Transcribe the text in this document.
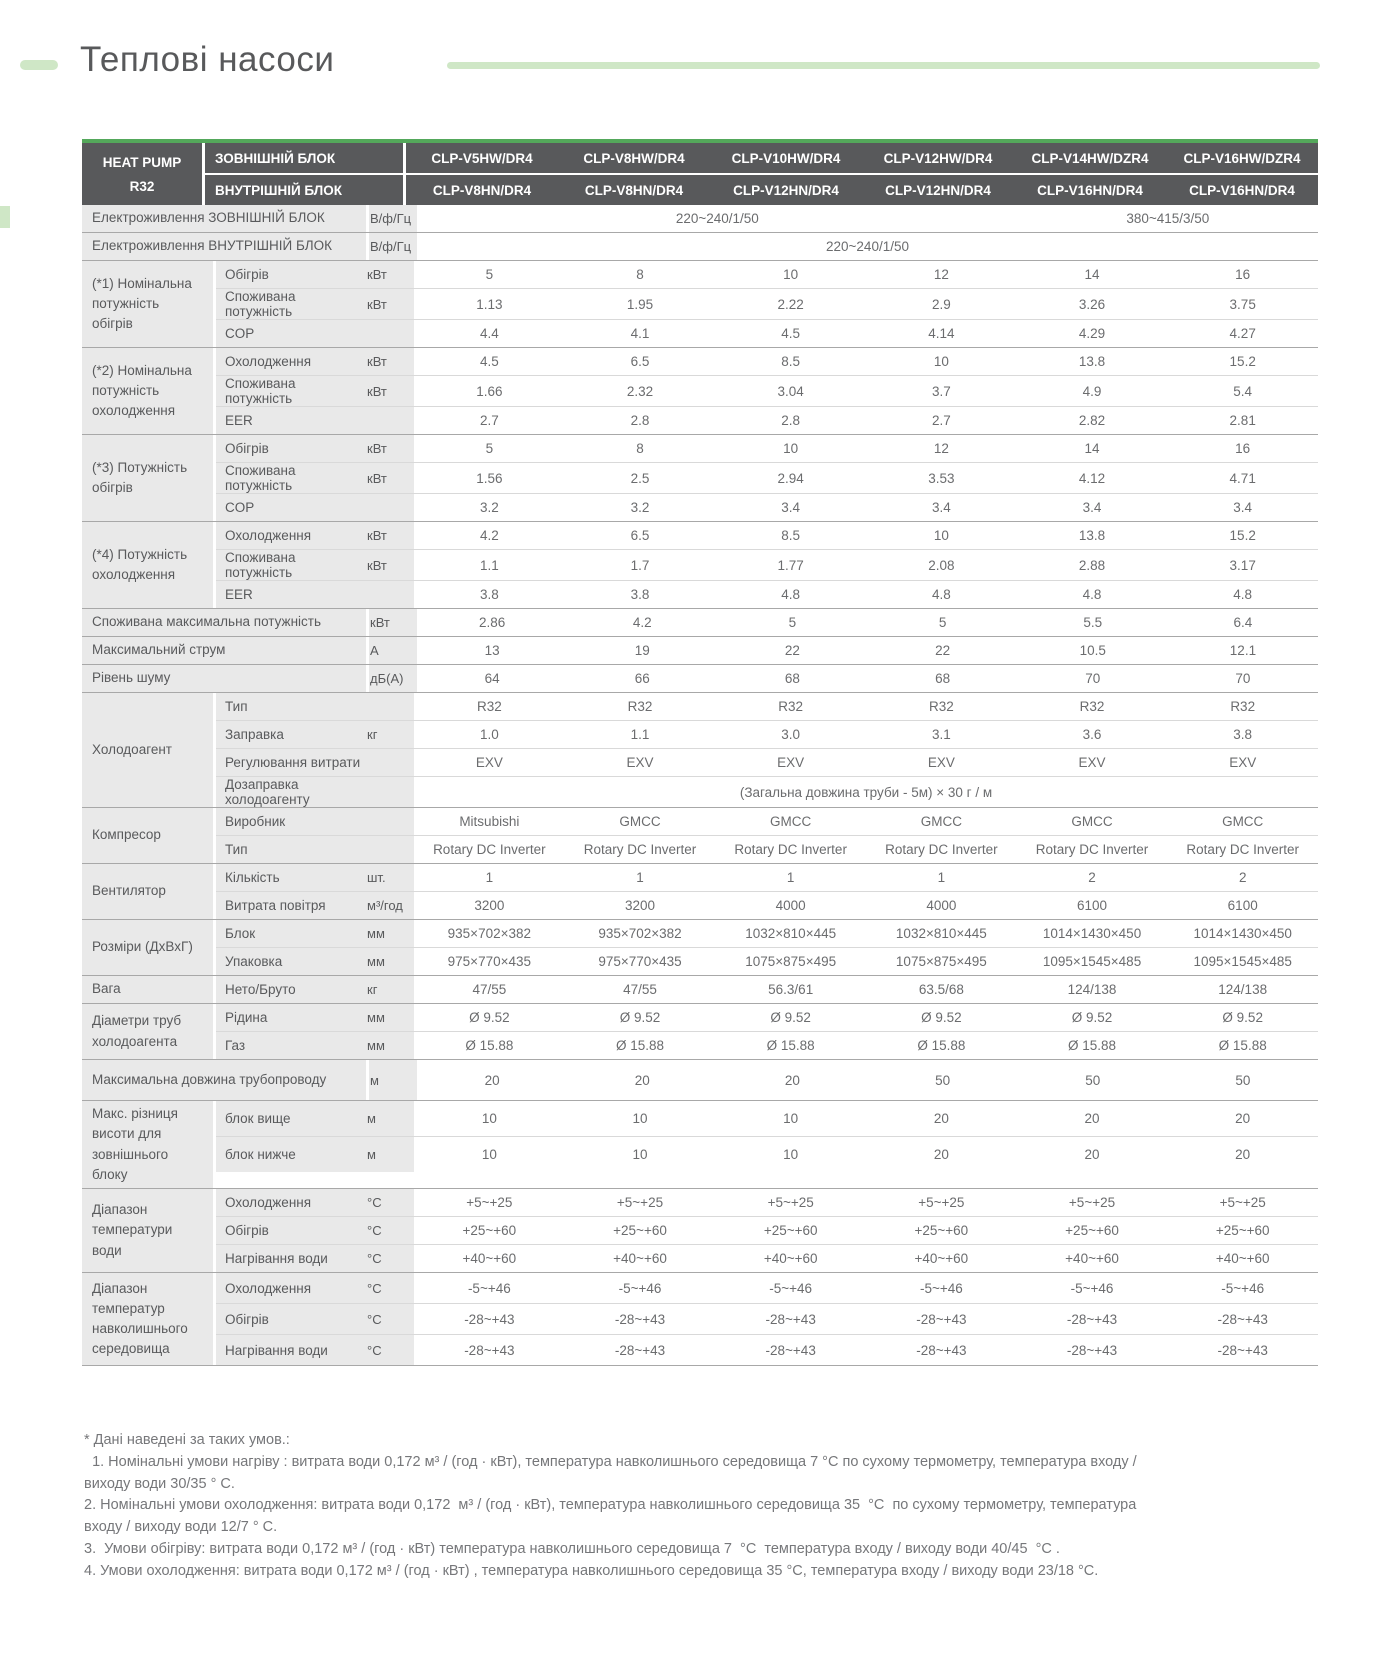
Теплові насоси
HEAT PUMP
R32
ЗОВНІШНІЙ БЛОК	CLP-V5HW/DR4	CLP-V8HW/DR4	CLP-V10HW/DR4	CLP-V12HW/DR4	CLP-V14HW/DZR4	CLP-V16HW/DZR4
ВНУТРІШНІЙ БЛОК	CLP-V8HN/DR4	CLP-V8HN/DR4	CLP-V12HN/DR4	CLP-V12HN/DR4	CLP-V16HN/DR4	CLP-V16HN/DR4
Електроживлення ЗОВНІШНІЙ БЛОК	В/ф/Гц	220~240/1/50	380~415/3/50
Електроживлення ВНУТРІШНІЙ БЛОК	В/ф/Гц	220~240/1/50
(*1) Номінальна потужність обігрів
Обігрів	кВт	5	8	10	12	14	16
Споживана потужність	кВт	1.13	1.95	2.22	2.9	3.26	3.75
COP	4.4	4.1	4.5	4.14	4.29	4.27
(*2) Номінальна потужність охолодження
Охолодження	кВт	4.5	6.5	8.5	10	13.8	15.2
Споживана потужність	кВт	1.66	2.32	3.04	3.7	4.9	5.4
EER	2.7	2.8	2.8	2.7	2.82	2.81
(*3) Потужність обігрів
Обігрів	кВт	5	8	10	12	14	16
Споживана потужність	кВт	1.56	2.5	2.94	3.53	4.12	4.71
COP	3.2	3.2	3.4	3.4	3.4	3.4
(*4) Потужність охолодження
Охолодження	кВт	4.2	6.5	8.5	10	13.8	15.2
Споживана потужність	кВт	1.1	1.7	1.77	2.08	2.88	3.17
EER	3.8	3.8	4.8	4.8	4.8	4.8
Споживана максимальна потужність	кВт	2.86	4.2	5	5	5.5	6.4
Максимальний струм	А	13	19	22	22	10.5	12.1
Рівень шуму	дБ(А)	64	66	68	68	70	70
Холодоагент
Тип	R32	R32	R32	R32	R32	R32
Заправка	кг	1.0	1.1	3.0	3.1	3.6	3.8
Регулювання витрати	EXV	EXV	EXV	EXV	EXV	EXV
Дозаправка холодоагенту	(Загальна довжина труби - 5м) × 30 г / м
Компресор
Виробник	Mitsubishi	GMCC	GMCC	GMCC	GMCC	GMCC
Тип	Rotary DC Inverter	Rotary DC Inverter	Rotary DC Inverter	Rotary DC Inverter	Rotary DC Inverter	Rotary DC Inverter
Вентилятор
Кількість	шт.	1	1	1	1	2	2
Витрата повітря	м³/год	3200	3200	4000	4000	6100	6100
Розміри (ДхВхГ)
Блок	мм	935×702×382	935×702×382	1032×810×445	1032×810×445	1014×1430×450	1014×1430×450
Упаковка	мм	975×770×435	975×770×435	1075×875×495	1075×875×495	1095×1545×485	1095×1545×485
Вага	Нето/Бруто	кг	47/55	47/55	56.3/61	63.5/68	124/138	124/138
Діаметри труб холодоагента
Рідина	мм	Ø 9.52	Ø 9.52	Ø 9.52	Ø 9.52	Ø 9.52	Ø 9.52
Газ	мм	Ø 15.88	Ø 15.88	Ø 15.88	Ø 15.88	Ø 15.88	Ø 15.88
Максимальна довжина трубопроводу	м	20	20	20	50	50	50
Макс. різниця висоти для зовнішнього блоку
блок вище	м	10	10	10	20	20	20
блок нижче	м	10	10	10	20	20	20
Діапазон температури води
Охолодження	°C	+5~+25	+5~+25	+5~+25	+5~+25	+5~+25	+5~+25
Обігрів	°C	+25~+60	+25~+60	+25~+60	+25~+60	+25~+60	+25~+60
Нагрівання води	°C	+40~+60	+40~+60	+40~+60	+40~+60	+40~+60	+40~+60
Діапазон температур навколишнього середовища
Охолодження	°C	-5~+46	-5~+46	-5~+46	-5~+46	-5~+46	-5~+46
Обігрів	°C	-28~+43	-28~+43	-28~+43	-28~+43	-28~+43	-28~+43
Нагрівання води	°C	-28~+43	-28~+43	-28~+43	-28~+43	-28~+43	-28~+43
* Дані наведені за таких умов.:
1. Номінальні умови нагріву : витрата води 0,172 м³ / (год · кВт), температура навколишнього середовища 7 °С по сухому термометру, температура входу / виходу води 30/35 ° С.
2. Номінальні умови охолодження: витрата води 0,172  м³ / (год · кВт), температура навколишнього середовища 35  °С  по сухому термометру, температура входу / виходу води 12/7 ° С.
3.  Умови обігріву: витрата води 0,172 м³ / (год · кВт) температура навколишнього середовища 7  °С  температура входу / виходу води 40/45  °С .
4. Умови охолодження: витрата води 0,172 м³ / (год · кВт) , температура навколишнього середовища 35 °С, температура входу / виходу води 23/18 °С.
